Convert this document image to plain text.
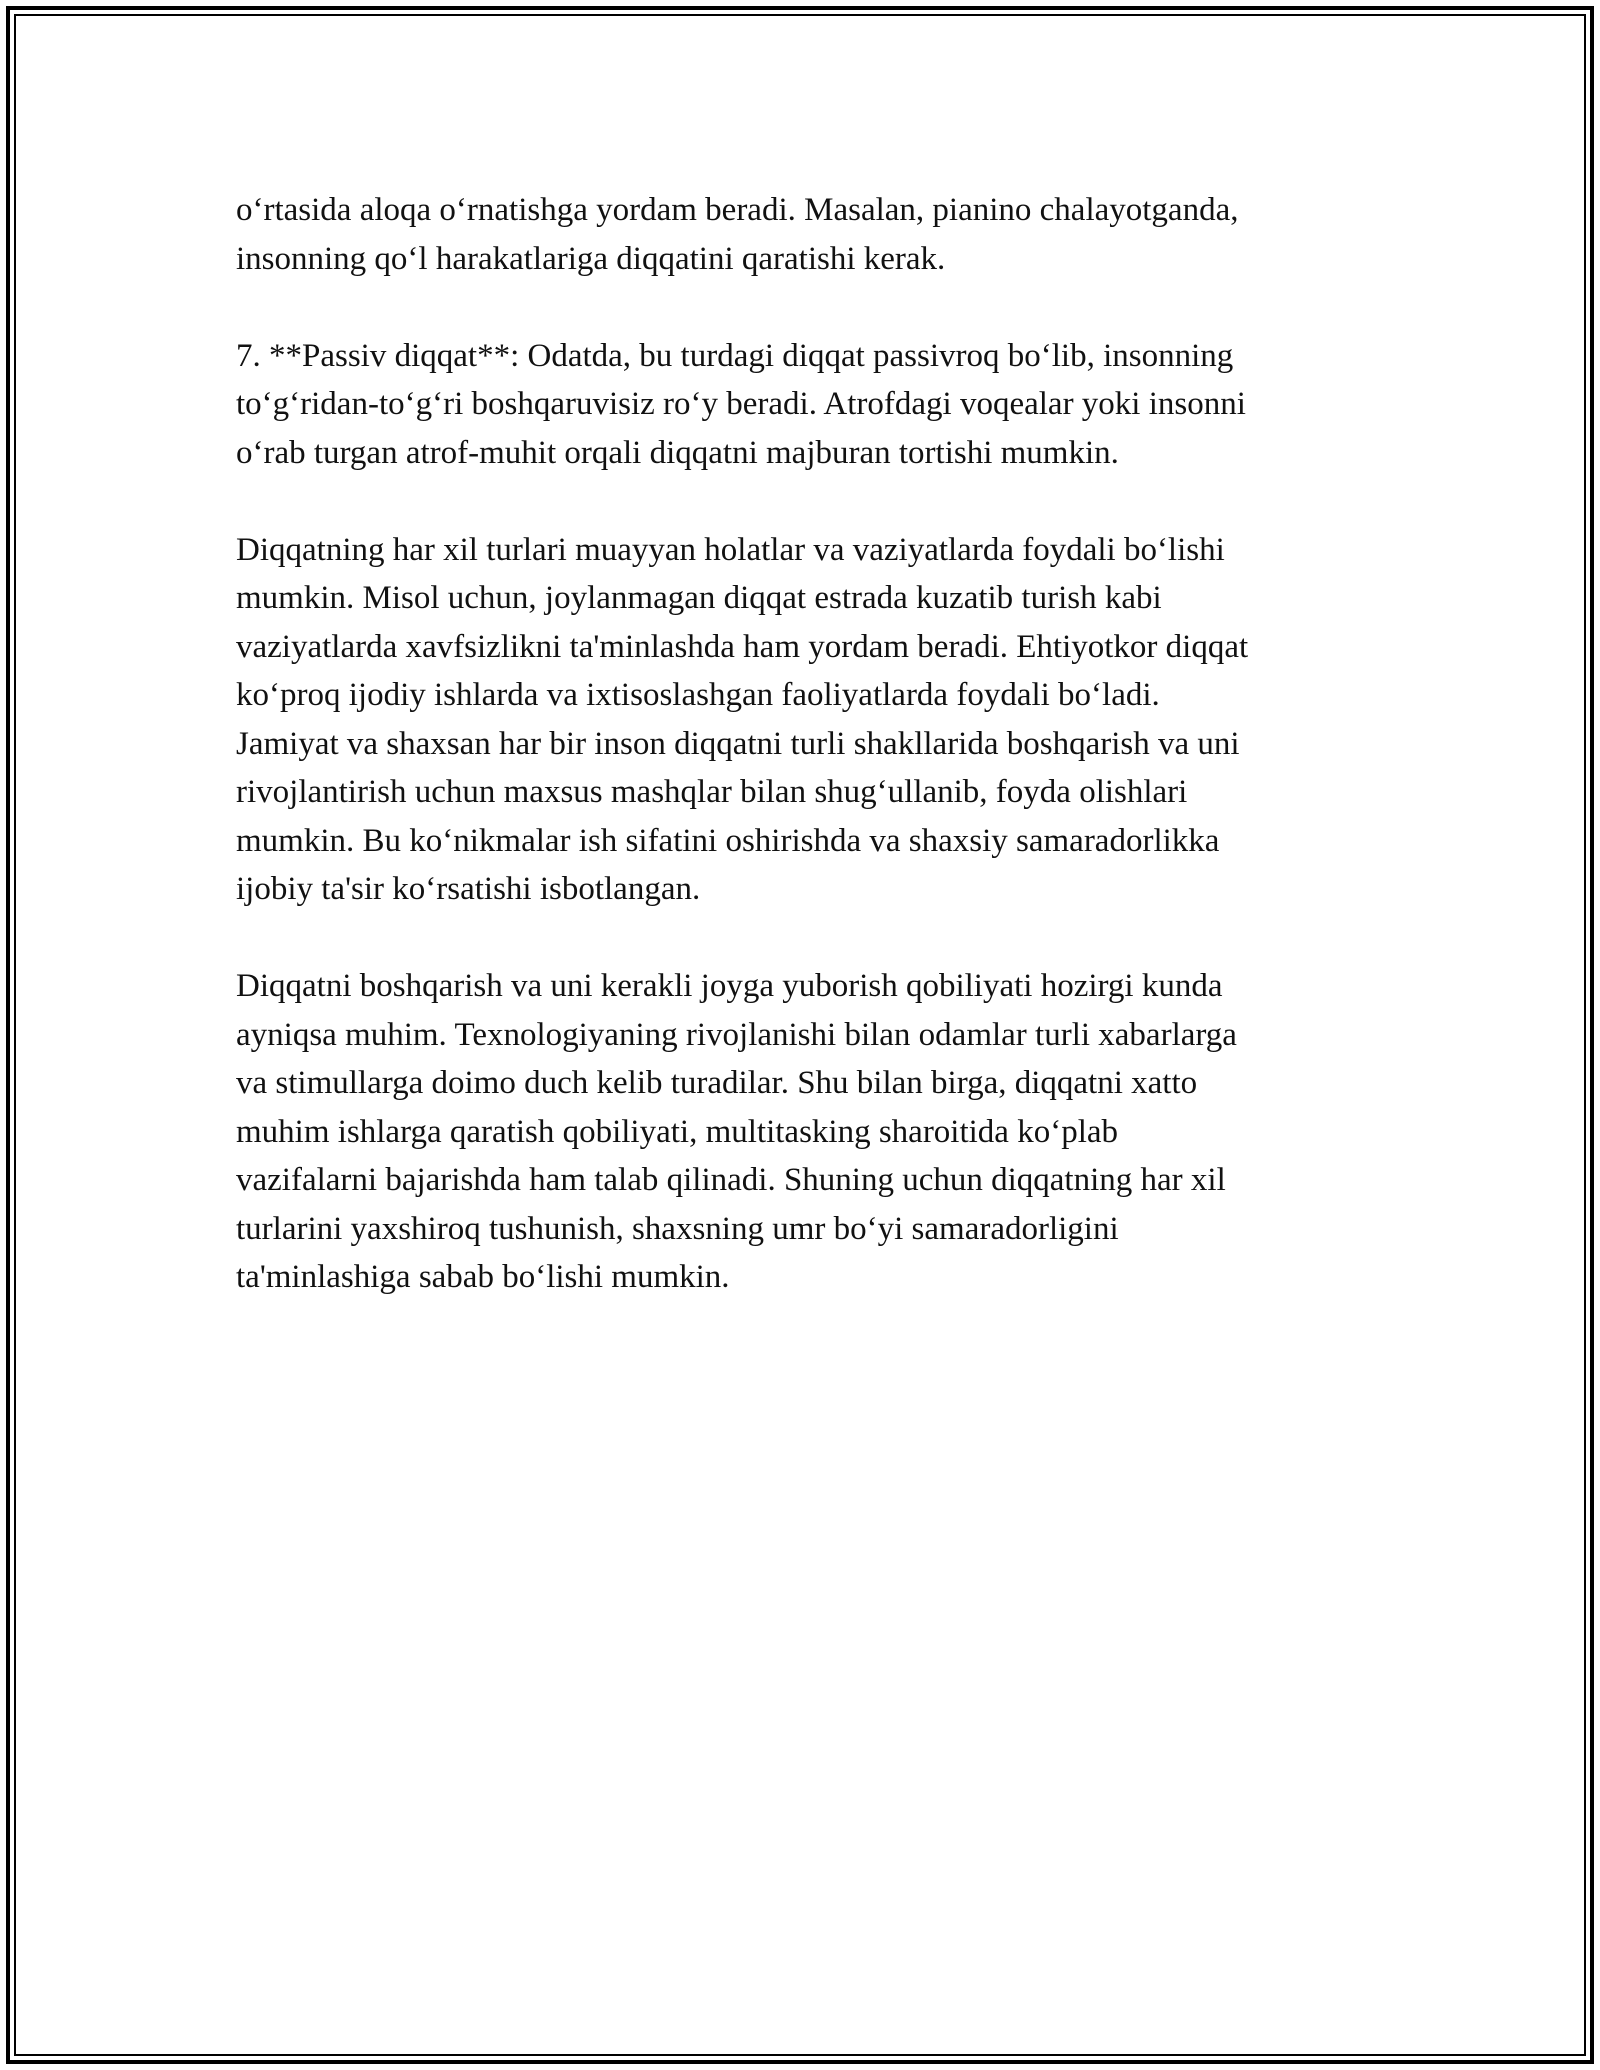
o‘rtasida aloqa o‘rnatishga yordam beradi. Masalan, pianino chalayotganda,
insonning qo‘l harakatlariga diqqatini qaratishi kerak.

7. **Passiv diqqat**: Odatda, bu turdagi diqqat passivroq bo‘lib, insonning
to‘g‘ridan-to‘g‘ri boshqaruvisiz ro‘y beradi. Atrofdagi voqealar yoki insonni
o‘rab turgan atrof-muhit orqali diqqatni majburan tortishi mumkin.

Diqqatning har xil turlari muayyan holatlar va vaziyatlarda foydali bo‘lishi
mumkin. Misol uchun, joylanmagan diqqat estrada kuzatib turish kabi
vaziyatlarda xavfsizlikni ta'minlashda ham yordam beradi. Ehtiyotkor diqqat
ko‘proq ijodiy ishlarda va ixtisoslashgan faoliyatlarda foydali bo‘ladi.
Jamiyat va shaxsan har bir inson diqqatni turli shakllarida boshqarish va uni
rivojlantirish uchun maxsus mashqlar bilan shug‘ullanib, foyda olishlari
mumkin. Bu ko‘nikmalar ish sifatini oshirishda va shaxsiy samaradorlikka
ijobiy ta'sir ko‘rsatishi isbotlangan.

Diqqatni boshqarish va uni kerakli joyga yuborish qobiliyati hozirgi kunda
ayniqsa muhim. Texnologiyaning rivojlanishi bilan odamlar turli xabarlarga
va stimullarga doimo duch kelib turadilar. Shu bilan birga, diqqatni xatto
muhim ishlarga qaratish qobiliyati, multitasking sharoitida ko‘plab
vazifalarni bajarishda ham talab qilinadi. Shuning uchun diqqatning har xil
turlarini yaxshiroq tushunish, shaxsning umr bo‘yi samaradorligini
ta'minlashiga sabab bo‘lishi mumkin.
